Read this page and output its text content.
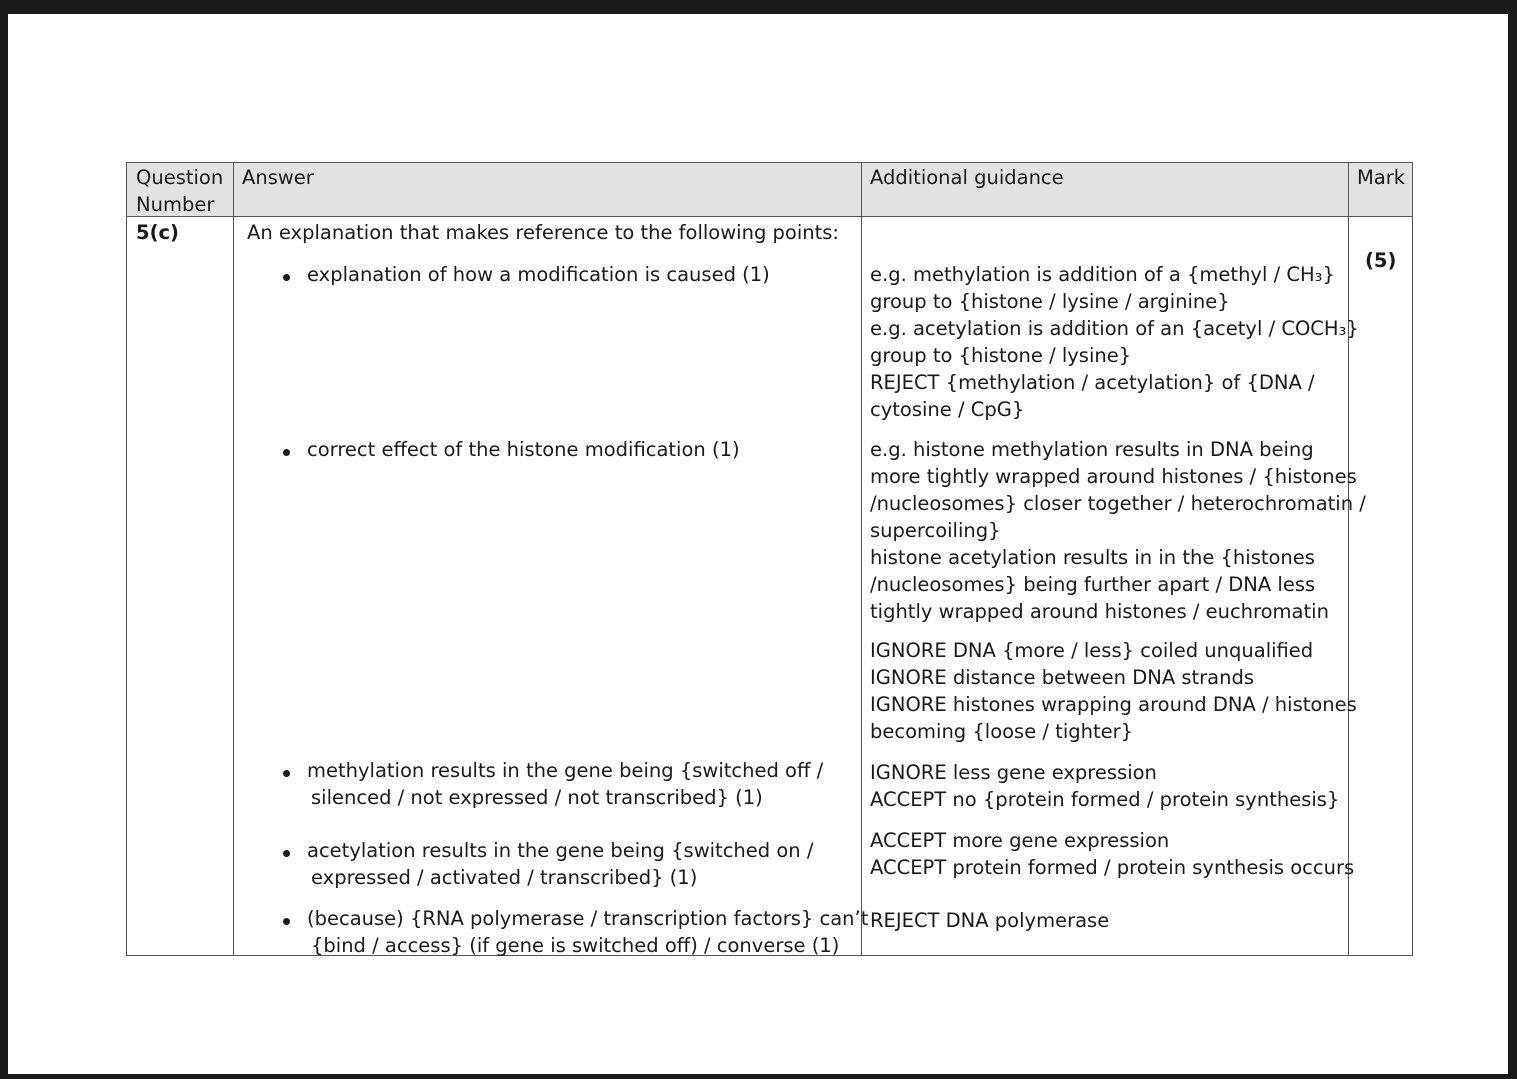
Question
Number
Answer	Additional guidance	Mark
5(c)
(5)
An explanation that makes reference to the following points:
explanation of how a modification is caused (1)
correct effect of the histone modification (1)
methylation results in the gene being {switched off /
silenced / not expressed / not transcribed} (1)
acetylation results in the gene being {switched on /
expressed / activated / transcribed} (1)
(because) {RNA polymerase / transcription factors} can’t
{bind / access} (if gene is switched off) / converse (1)
e.g. methylation is addition of a {methyl / CH₃}
group to {histone / lysine / arginine}
e.g. acetylation is addition of an {acetyl / COCH₃}
group to {histone / lysine}
REJECT {methylation / acetylation} of {DNA /
cytosine / CpG}
e.g. histone methylation results in DNA being
more tightly wrapped around histones / {histones
/nucleosomes} closer together / heterochromatin /
supercoiling}
histone acetylation results in in the {histones
/nucleosomes} being further apart / DNA less
tightly wrapped around histones / euchromatin
IGNORE DNA {more / less} coiled unqualified
IGNORE distance between DNA strands
IGNORE histones wrapping around DNA / histones
becoming {loose / tighter}
IGNORE less gene expression
ACCEPT no {protein formed / protein synthesis}
ACCEPT more gene expression
ACCEPT protein formed / protein synthesis occurs
REJECT DNA polymerase
